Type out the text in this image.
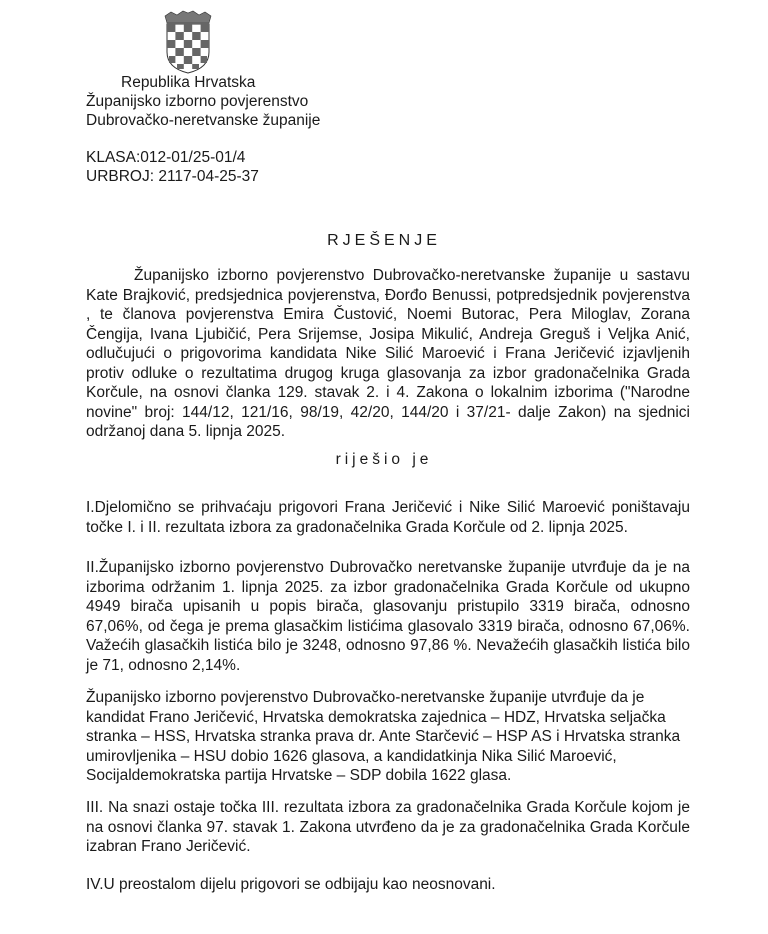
Republika Hrvatska
Županijsko izborno povjerenstvo
Dubrovačko-neretvanske županije
KLASA:012-01/25-01/4
URBROJ: 2117-04-25-37
RJEŠENJE

Županijsko izborno povjerenstvo Dubrovačko-neretvanske županije u sastavu Kate Brajković, predsjednica povjerenstva, Đorđo Benussi, potpredsjednik povjerenstva , te članova povjerenstva Emira Čustović, Noemi Butorac, Pera Miloglav, Zorana Čengija, Ivana Ljubičić, Pera Srijemse, Josipa Mikulić, Andreja Greguš i Veljka Anić, odlučujući o prigovorima kandidata Nike Silić Maroević i Frana Jeričević izjavljenih protiv odluke o rezultatima drugog kruga glasovanja za izbor gradonačelnika Grada Korčule, na osnovi članka 129. stavak 2. i 4. Zakona o lokalnim izborima ("Narodne novine" broj: 144/12, 121/16, 98/19, 42/20, 144/20 i 37/21- dalje Zakon) na sjednici održanoj dana 5. lipnja 2025.

riješio je

I.Djelomično se prihvaćaju prigovori Frana Jeričević i Nike Silić Maroević poništavaju točke I. i II. rezultata izbora za gradonačelnika Grada Korčule od 2. lipnja 2025.

II.Županijsko izborno povjerenstvo Dubrovačko neretvanske županije utvrđuje da je na izborima održanim 1. lipnja 2025. za izbor gradonačelnika Grada Korčule od ukupno 4949 birača upisanih u popis birača, glasovanju pristupilo 3319 birača, odnosno 67,06%, od čega je prema glasačkim listićima glasovalo 3319 birača, odnosno 67,06%. Važećih glasačkih listića bilo je 3248, odnosno 97,86 %. Nevažećih glasačkih listića bilo je 71, odnosno 2,14%.

Županijsko izborno povjerenstvo Dubrovačko-neretvanske županije utvrđuje da je kandidat Frano Jeričević, Hrvatska demokratska zajednica – HDZ, Hrvatska seljačka stranka – HSS, Hrvatska stranka prava dr. Ante Starčević – HSP AS i Hrvatska stranka umirovljenika – HSU dobio 1626 glasova, a kandidatkinja Nika Silić Maroević, Socijaldemokratska partija Hrvatske – SDP dobila 1622 glasa.

III. Na snazi ostaje točka III. rezultata izbora za gradonačelnika Grada Korčule kojom je na osnovi članka 97. stavak 1. Zakona utvrđeno da je za gradonačelnika Grada Korčule izabran Frano Jeričević.

IV.U preostalom dijelu prigovori se odbijaju kao neosnovani.
